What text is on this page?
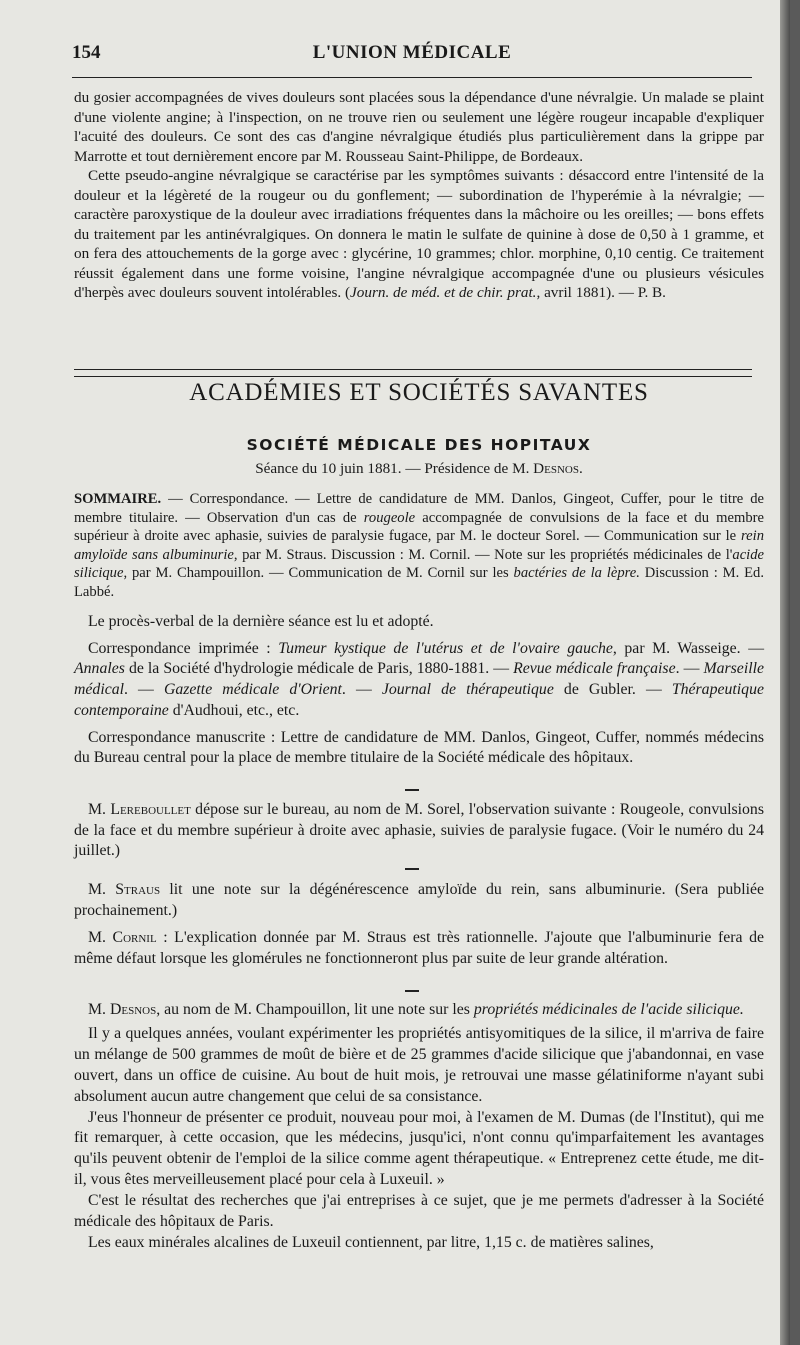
154	L'UNION MÉDICALE

du gosier accompagnées de vives douleurs sont placées sous la dépendance d'une névralgie. Un malade se plaint d'une violente angine; à l'inspection, on ne trouve rien ou seulement une légère rougeur incapable d'expliquer l'acuité des douleurs. Ce sont des cas d'angine névralgique étudiés plus particulièrement dans la grippe par Marrotte et tout dernièrement encore par M. Rousseau Saint-Philippe, de Bordeaux.

Cette pseudo-angine névralgique se caractérise par les symptômes suivants : désaccord entre l'intensité de la douleur et la légèreté de la rougeur ou du gonflement; — subordination de l'hyperémie à la névralgie; — caractère paroxystique de la douleur avec irradiations fréquentes dans la mâchoire ou les oreilles; — bons effets du traitement par les antinévralgiques. On donnera le matin le sulfate de quinine à dose de 0,50 à 1 gramme, et on fera des attouchements de la gorge avec : glycérine, 10 grammes; chlor. morphine, 0,10 centig. Ce traitement réussit également dans une forme voisine, l'angine névralgique accompagnée d'une ou plusieurs vésicules d'herpès avec douleurs souvent intolérables. (Journ. de méd. et de chir. prat., avril 1881). — P. B.

ACADÉMIES ET SOCIÉTÉS SAVANTES
SOCIÉTÉ MÉDICALE DES HOPITAUX
Séance du 10 juin 1881. — Présidence de M. Desnos.

SOMMAIRE. — Correspondance. — Lettre de candidature de MM. Danlos, Gingeot, Cuffer, pour le titre de membre titulaire. — Observation d'un cas de rougeole accompagnée de convulsions de la face et du membre supérieur à droite avec aphasie, suivies de paralysie fugace, par M. le docteur Sorel. — Communication sur le rein amyloïde sans albuminurie, par M. Straus. Discussion : M. Cornil. — Note sur les propriétés médicinales de l'acide silicique, par M. Champouillon. — Communication de M. Cornil sur les bactéries de la lèpre. Discussion : M. Ed. Labbé.

Le procès-verbal de la dernière séance est lu et adopté.

Correspondance imprimée : Tumeur kystique de l'utérus et de l'ovaire gauche, par M. Wasseige. — Annales de la Société d'hydrologie médicale de Paris, 1880-1881. — Revue médicale française. — Marseille médical. — Gazette médicale d'Orient. — Journal de thérapeutique de Gubler. — Thérapeutique contemporaine d'Audhoui, etc., etc.

Correspondance manuscrite : Lettre de candidature de MM. Danlos, Gingeot, Cuffer, nommés médecins du Bureau central pour la place de membre titulaire de la Société médicale des hôpitaux.

M. Lereboullet dépose sur le bureau, au nom de M. Sorel, l'observation suivante : Rougeole, convulsions de la face et du membre supérieur à droite avec aphasie, suivies de paralysie fugace. (Voir le numéro du 24 juillet.)

M. Straus lit une note sur la dégénérescence amyloïde du rein, sans albuminurie. (Sera publiée prochainement.)

M. Cornil : L'explication donnée par M. Straus est très rationnelle. J'ajoute que l'albuminurie fera de même défaut lorsque les glomérules ne fonctionneront plus par suite de leur grande altération.

M. Desnos, au nom de M. Champouillon, lit une note sur les propriétés médicinales de l'acide silicique.

Il y a quelques années, voulant expérimenter les propriétés antisyomitiques de la silice, il m'arriva de faire un mélange de 500 grammes de moût de bière et de 25 grammes d'acide silicique que j'abandonnai, en vase ouvert, dans un office de cuisine. Au bout de huit mois, je retrouvai une masse gélatiniforme n'ayant subi absolument aucun autre changement que celui de sa consistance.

J'eus l'honneur de présenter ce produit, nouveau pour moi, à l'examen de M. Dumas (de l'Institut), qui me fit remarquer, à cette occasion, que les médecins, jusqu'ici, n'ont connu qu'imparfaitement les avantages qu'ils peuvent obtenir de l'emploi de la silice comme agent thérapeutique. « Entreprenez cette étude, me dit-il, vous êtes merveilleusement placé pour cela à Luxeuil. »

C'est le résultat des recherches que j'ai entreprises à ce sujet, que je me permets d'adresser à la Société médicale des hôpitaux de Paris.

Les eaux minérales alcalines de Luxeuil contiennent, par litre, 1,15 c. de matières salines,
